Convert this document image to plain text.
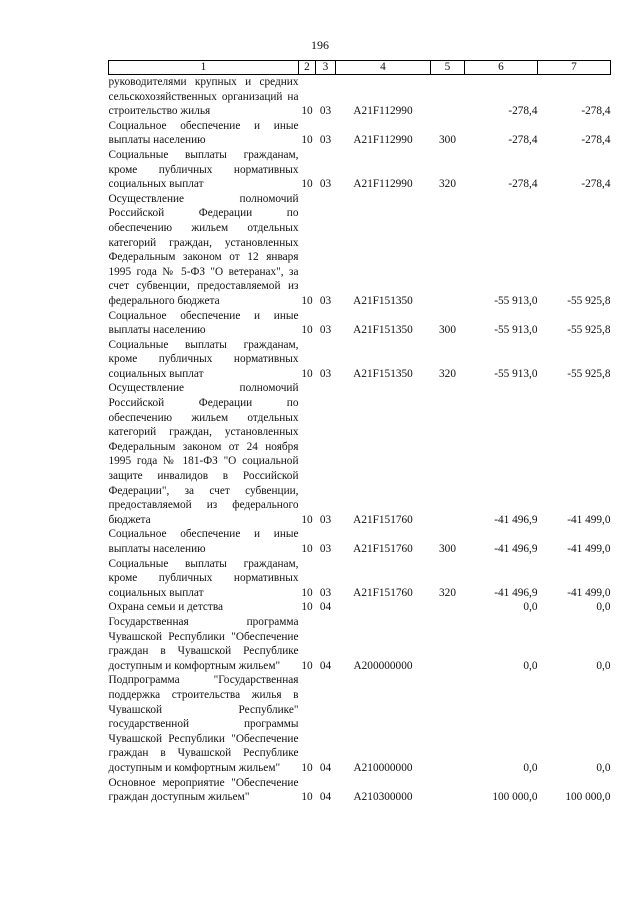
196
1	2	3	4	5	6	7
руководителями крупных и средних сельскохозяйственных организаций на строительство жилья	10	03	A21F112990		-278,4	-278,4
Социальное обеспечение и иные выплаты населению	10	03	A21F112990	300	-278,4	-278,4
Социальные выплаты гражданам, кроме публичных нормативных социальных выплат	10	03	A21F112990	320	-278,4	-278,4
Осуществление полномочий Российской Федерации по обеспечению жильем отдельных категорий граждан, установленных Федеральным законом от 12 января 1995 года № 5-ФЗ "О ветеранах", за счет субвенции, предоставляемой из федерального бюджета	10	03	A21F151350		-55 913,0	-55 925,8
Социальное обеспечение и иные выплаты населению	10	03	A21F151350	300	-55 913,0	-55 925,8
Социальные выплаты гражданам, кроме публичных нормативных социальных выплат	10	03	A21F151350	320	-55 913,0	-55 925,8
Осуществление полномочий Российской Федерации по обеспечению жильем отдельных категорий граждан, установленных Федеральным законом от 24 ноября 1995 года № 181-ФЗ "О социальной защите инвалидов в Российской Федерации", за счет субвенции, предоставляемой из федерального бюджета	10	03	A21F151760		-41 496,9	-41 499,0
Социальное обеспечение и иные выплаты населению	10	03	A21F151760	300	-41 496,9	-41 499,0
Социальные выплаты гражданам, кроме публичных нормативных социальных выплат	10	03	A21F151760	320	-41 496,9	-41 499,0
Охрана семьи и детства	10	04			0,0	0,0
Государственная программа Чувашской Республики "Обеспечение граждан в Чувашской Республике доступным и комфортным жильем"	10	04	A200000000		0,0	0,0
Подпрограмма "Государственная поддержка строительства жилья в Чувашской Республике" государственной программы Чувашской Республики "Обеспечение граждан в Чувашской Республике доступным и комфортным жильем"	10	04	A210000000		0,0	0,0
Основное мероприятие "Обеспечение граждан доступным жильем"	10	04	A210300000		100 000,0	100 000,0
